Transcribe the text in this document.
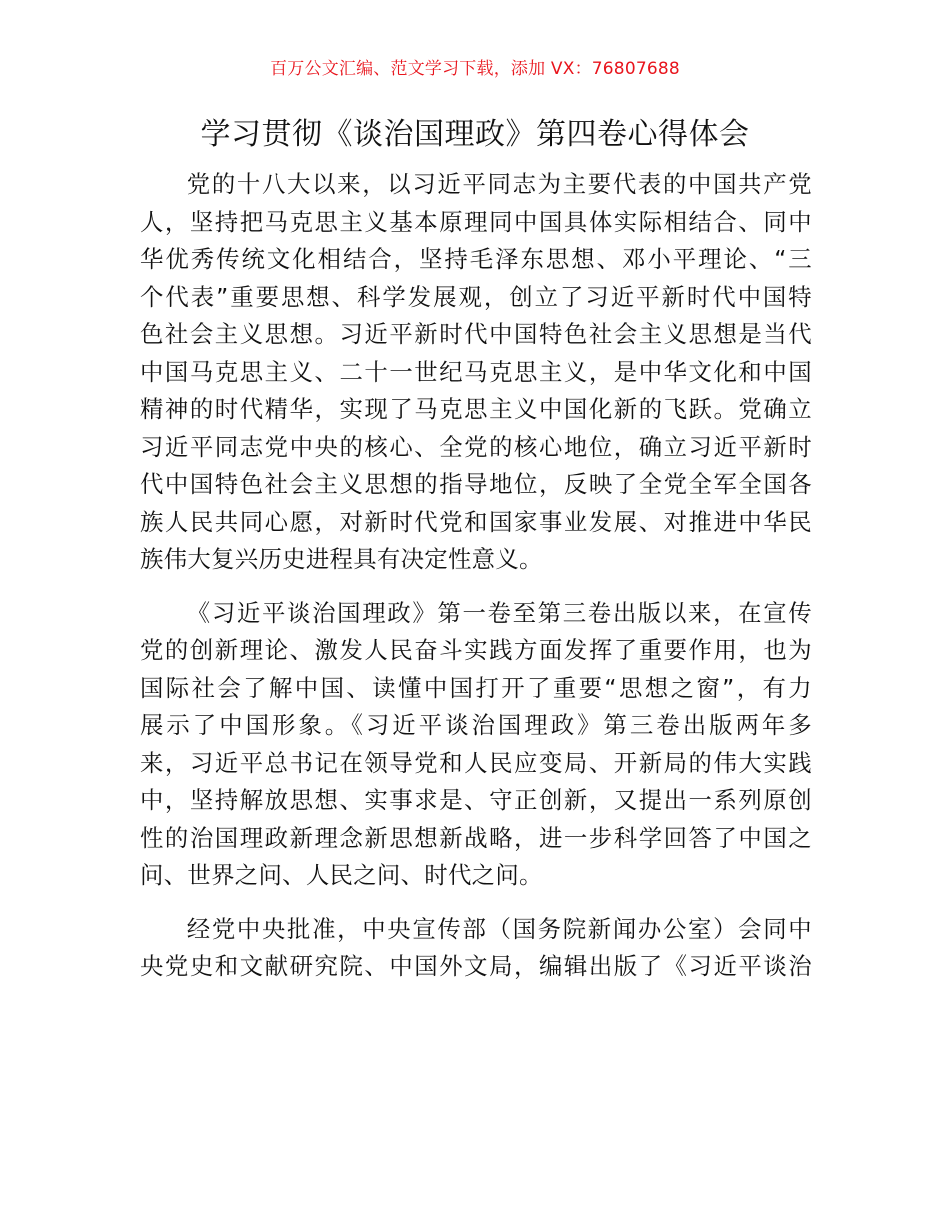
百万公文汇编、范文学习下载，添加 VX：76807688
学习贯彻《谈治国理政》第四卷心得体会
党的十八大以来，以习近平同志为主要代表的中国共产党
人，坚持把马克思主义基本原理同中国具体实际相结合、同中
华优秀传统文化相结合，坚持毛泽东思想、邓小平理论、“三
个代表”重要思想、科学发展观，创立了习近平新时代中国特
色社会主义思想。习近平新时代中国特色社会主义思想是当代
中国马克思主义、二十一世纪马克思主义，是中华文化和中国
精神的时代精华，实现了马克思主义中国化新的飞跃。党确立
习近平同志党中央的核心、全党的核心地位，确立习近平新时
代中国特色社会主义思想的指导地位，反映了全党全军全国各
族人民共同心愿，对新时代党和国家事业发展、对推进中华民
族伟大复兴历史进程具有决定性意义。
《习近平谈治国理政》第一卷至第三卷出版以来，在宣传
党的创新理论、激发人民奋斗实践方面发挥了重要作用，也为
国际社会了解中国、读懂中国打开了重要“思想之窗”，有力
展示了中国形象。《习近平谈治国理政》第三卷出版两年多
来，习近平总书记在领导党和人民应变局、开新局的伟大实践
中，坚持解放思想、实事求是、守正创新，又提出一系列原创
性的治国理政新理念新思想新战略，进一步科学回答了中国之
问、世界之问、人民之问、时代之问。
经党中央批准，中央宣传部（国务院新闻办公室）会同中
央党史和文献研究院、中国外文局，编辑出版了《习近平谈治
